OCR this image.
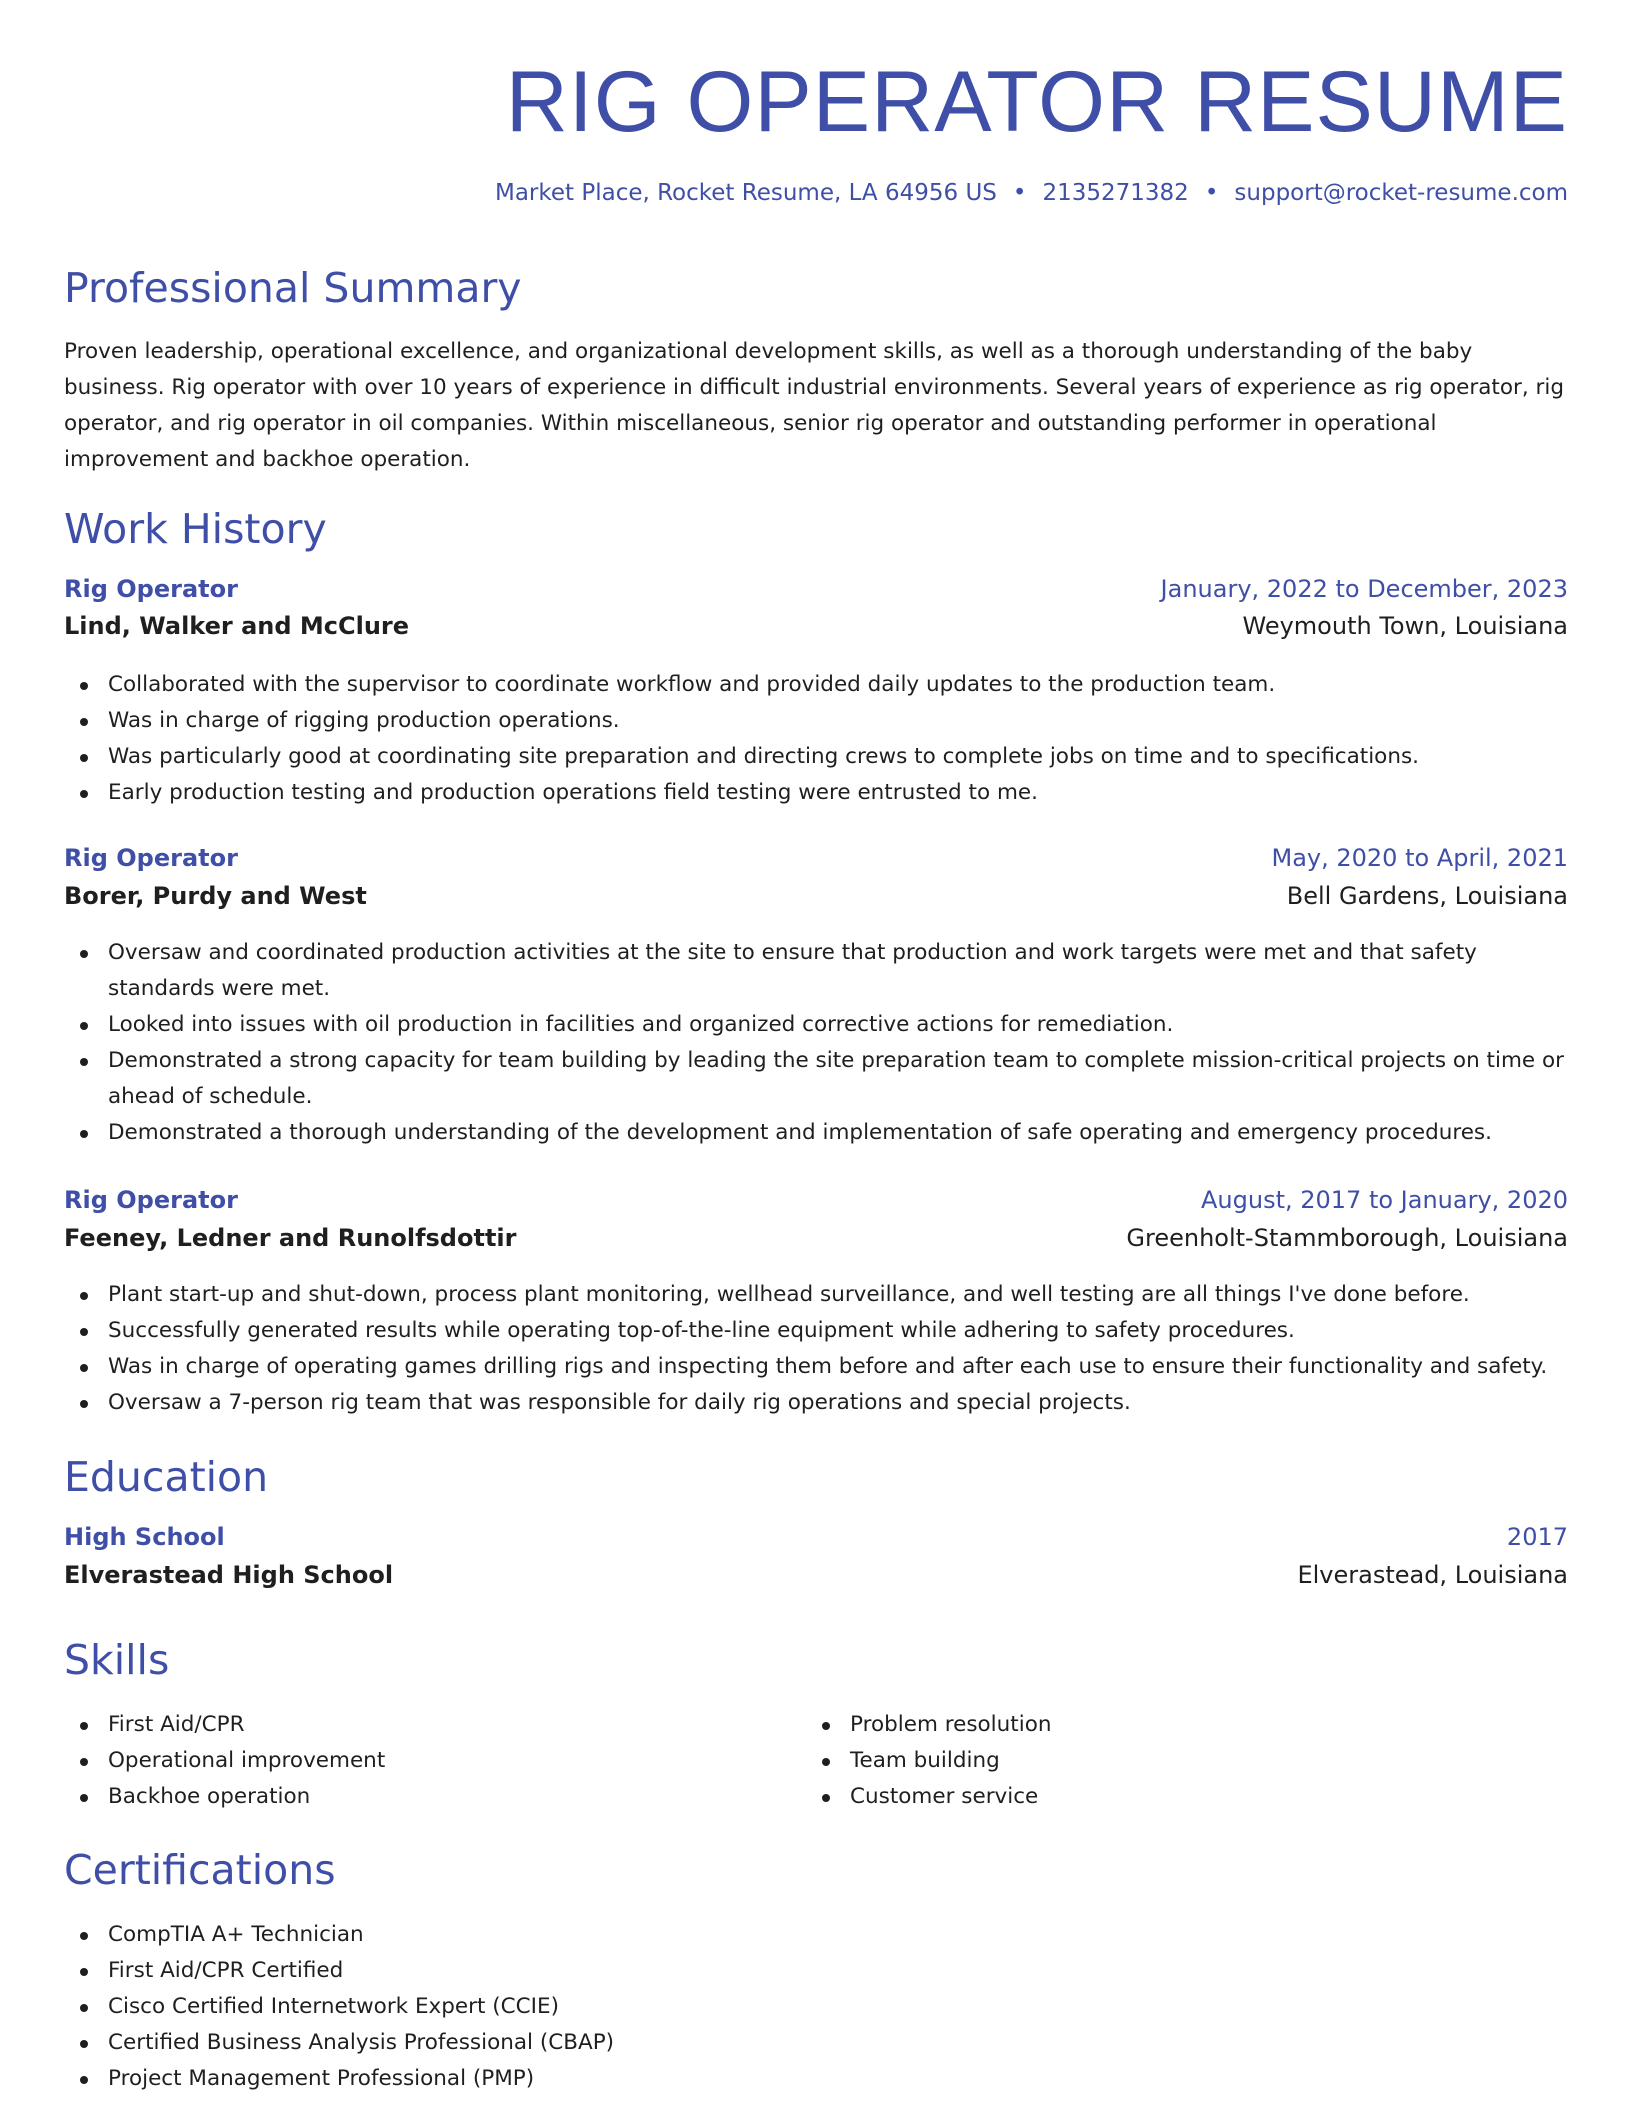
RIG OPERATOR RESUME
Market Place, Rocket Resume, LA 64956 US • 2135271382 • support@rocket-resume.com
Professional Summary

Proven leadership, operational excellence, and organizational development skills, as well as a thorough understanding of the baby business. Rig operator with over 10 years of experience in difficult industrial environments. Several years of experience as rig operator, rig operator, and rig operator in oil companies. Within miscellaneous, senior rig operator and outstanding performer in operational improvement and backhoe operation.

Work History
Rig Operator	January, 2022 to December, 2023
Lind, Walker and McClure	Weymouth Town, Louisiana
Collaborated with the supervisor to coordinate workflow and provided daily updates to the production team.
Was in charge of rigging production operations.
Was particularly good at coordinating site preparation and directing crews to complete jobs on time and to specifications.
Early production testing and production operations field testing were entrusted to me.
Rig Operator	May, 2020 to April, 2021
Borer, Purdy and West	Bell Gardens, Louisiana
Oversaw and coordinated production activities at the site to ensure that production and work targets were met and that safety standards were met.
Looked into issues with oil production in facilities and organized corrective actions for remediation.
Demonstrated a strong capacity for team building by leading the site preparation team to complete mission-critical projects on time or ahead of schedule.
Demonstrated a thorough understanding of the development and implementation of safe operating and emergency procedures.
Rig Operator	August, 2017 to January, 2020
Feeney, Ledner and Runolfsdottir	Greenholt-Stammborough, Louisiana
Plant start-up and shut-down, process plant monitoring, wellhead surveillance, and well testing are all things I've done before.
Successfully generated results while operating top-of-the-line equipment while adhering to safety procedures.
Was in charge of operating games drilling rigs and inspecting them before and after each use to ensure their functionality and safety.
Oversaw a 7-person rig team that was responsible for daily rig operations and special projects.
Education
High School	2017
Elverastead High School	Elverastead, Louisiana
Skills
First Aid/CPR
Operational improvement
Backhoe operation
Problem resolution
Team building
Customer service
Certifications
CompTIA A+ Technician
First Aid/CPR Certified
Cisco Certified Internetwork Expert (CCIE)
Certified Business Analysis Professional (CBAP)
Project Management Professional (PMP)
